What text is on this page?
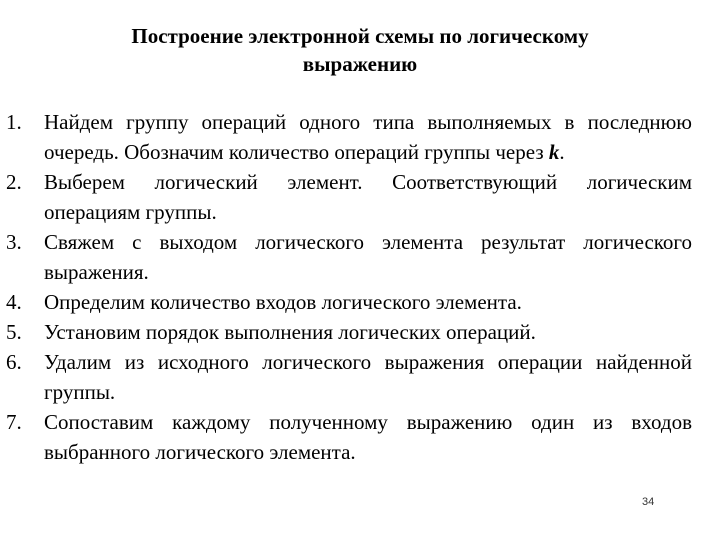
Построение электронной схемы по логическому
выражению
1. Найдем группу операций одного типа выполняемых в последнюю очередь. Обозначим количество операций группы через k.
2. Выберем логический элемент. Соответствующий логическим операциям группы.
3. Свяжем с выходом логического элемента результат логического выражения.
4. Определим количество входов логического элемента.
5. Установим порядок выполнения логических операций.
6. Удалим из исходного логического выражения операции найденной группы.
7. Сопоставим каждому полученному выражению один из входов выбранного логического элемента.
34
